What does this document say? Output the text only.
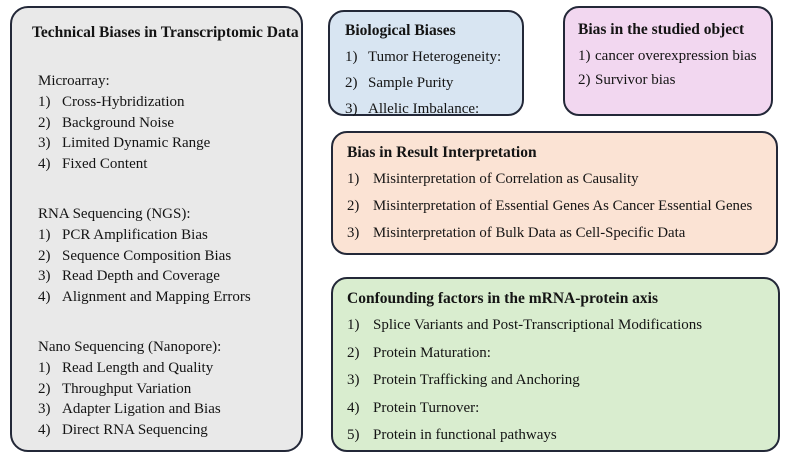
Technical Biases in Transcriptomic Data
Microarray:
Cross-Hybridization
Background Noise
Limited Dynamic Range
Fixed Content
RNA Sequencing (NGS):
PCR Amplification Bias
Sequence Composition Bias
Read Depth and Coverage
Alignment and Mapping Errors
Nano Sequencing (Nanopore):
Read Length and Quality
Throughput Variation
Adapter Ligation and Bias
Direct RNA Sequencing
Biological Biases
Tumor Heterogeneity:
Sample Purity
Allelic Imbalance:
Bias in the studied object
cancer overexpression bias
Survivor bias
Bias in Result Interpretation
Misinterpretation of Correlation as Causality
Misinterpretation of Essential Genes As Cancer Essential Genes
Misinterpretation of Bulk Data as Cell-Specific Data
Confounding factors in the mRNA-protein axis
Splice Variants and Post-Transcriptional Modifications
Protein Maturation:
Protein Trafficking and Anchoring
Protein Turnover:
Protein in functional pathways
